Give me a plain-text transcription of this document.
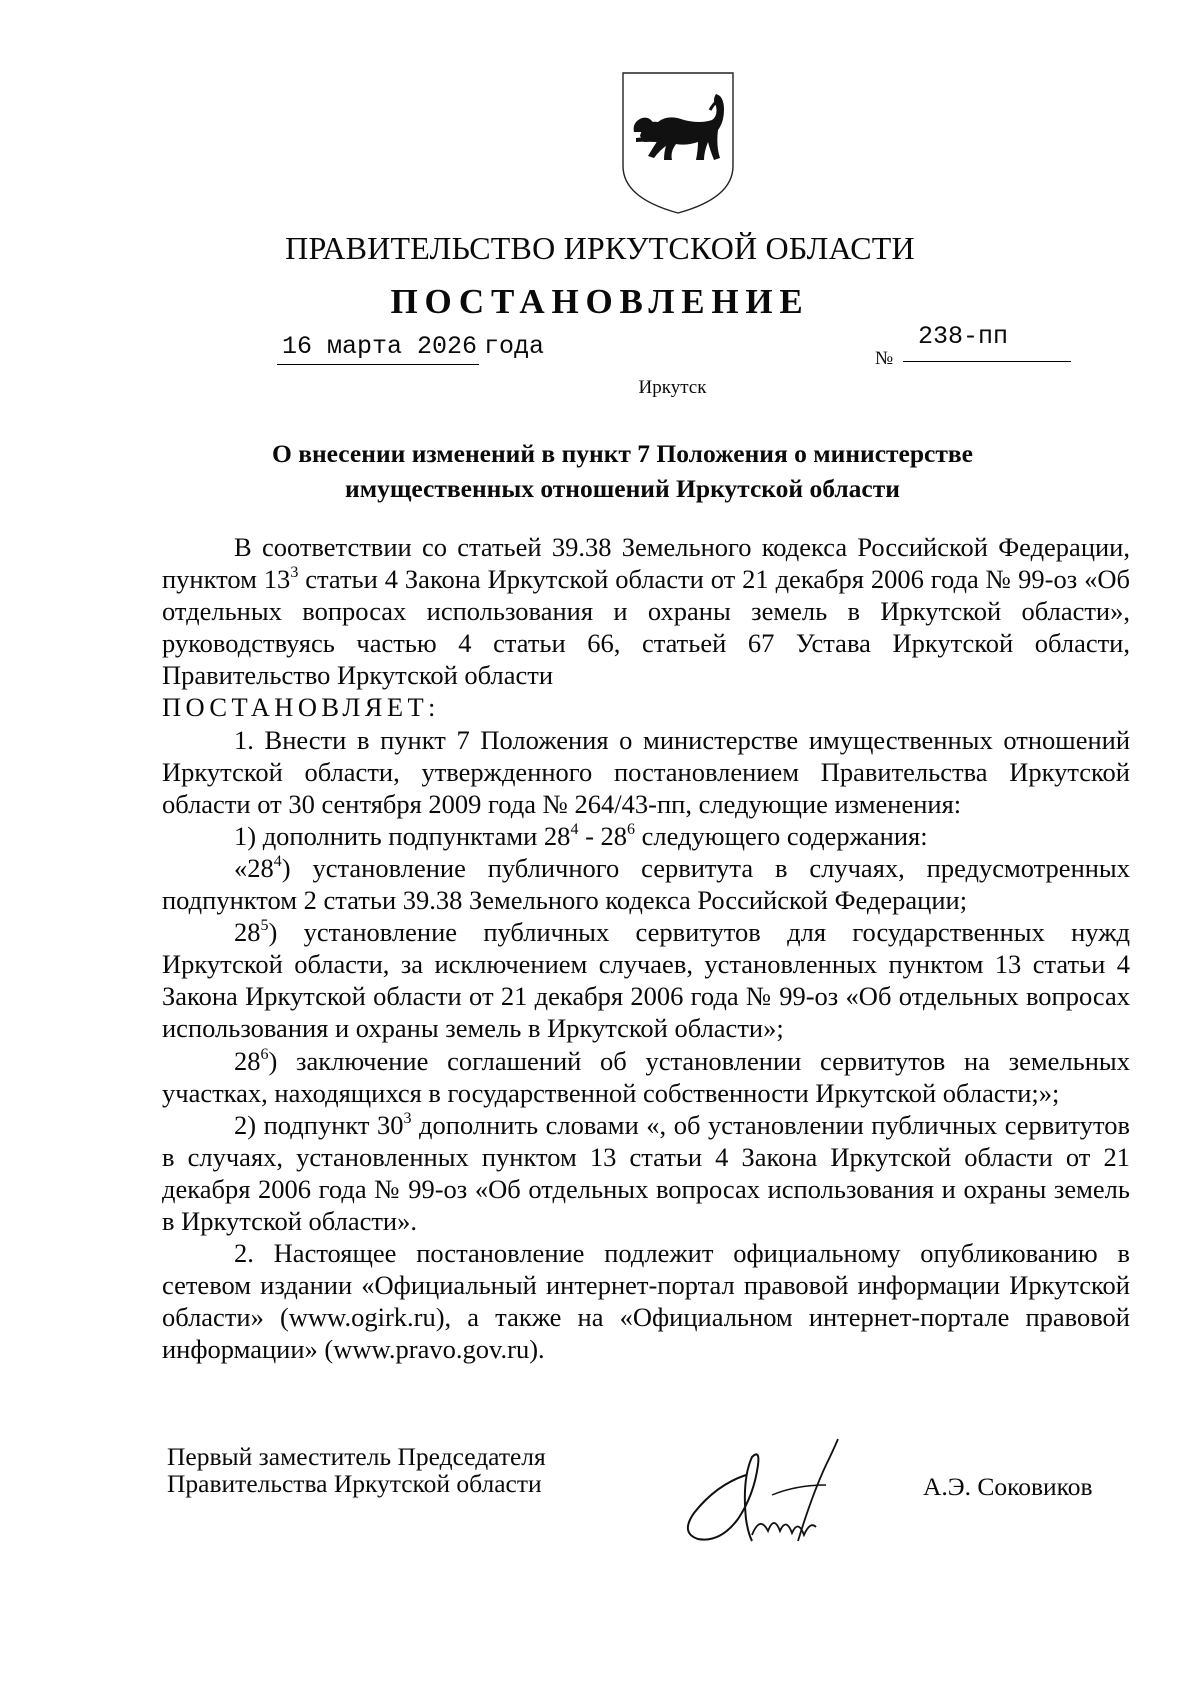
ПРАВИТЕЛЬСТВО ИРКУТСКОЙ ОБЛАСТИ
ПОСТАНОВЛЕНИЕ
16 марта 2026 года	№
238-пп
Иркутск
О внесении изменений в пункт 7 Положения о министерстве
имущественных отношений Иркутской области

В соответствии со статьей 39.38 Земельного кодекса Российской Федерации, пунктом $13^3$ статьи 4 Закона Иркутской области от 21 декабря 2006 года № 99-оз «Об отдельных вопросах использования и охраны земель в Иркутской области», руководствуясь частью 4 статьи 66, статьей 67 Устава Иркутской области, Правительство Иркутской области

ПОСТАНОВЛЯЕТ:

1. Внести в пункт 7 Положения о министерстве имущественных отношений Иркутской области, утвержденного постановлением Правительства Иркутской области от 30 сентября 2009 года № 264/43-пп, следующие изменения:

1) дополнить подпунктами $28^4 - 28^6$ следующего содержания:

«$28^4$) установление публичного сервитута в случаях, предусмотренных подпунктом 2 статьи 39.38 Земельного кодекса Российской Федерации;

$28^5$) установление публичных сервитутов для государственных нужд Иркутской области, за исключением случаев, установленных пунктом 13 статьи 4 Закона Иркутской области от 21 декабря 2006 года № 99-оз «Об отдельных вопросах использования и охраны земель в Иркутской области»;

$28^6$) заключение соглашений об установлении сервитутов на земельных участках, находящихся в государственной собственности Иркутской области;»;

2) подпункт $30^3$ дополнить словами «, об установлении публичных сервитутов в случаях, установленных пунктом 13 статьи 4 Закона Иркутской области от 21 декабря 2006 года № 99-оз «Об отдельных вопросах использования и охраны земель в Иркутской области».

2. Настоящее постановление подлежит официальному опубликованию в сетевом издании «Официальный интернет-портал правовой информации Иркутской области» (www.ogirk.ru), а также на «Официальном интернет-портале правовой информации» (www.pravo.gov.ru).

Первый заместитель Председателя
Правительства Иркутской области	А.Э. Соковиков
